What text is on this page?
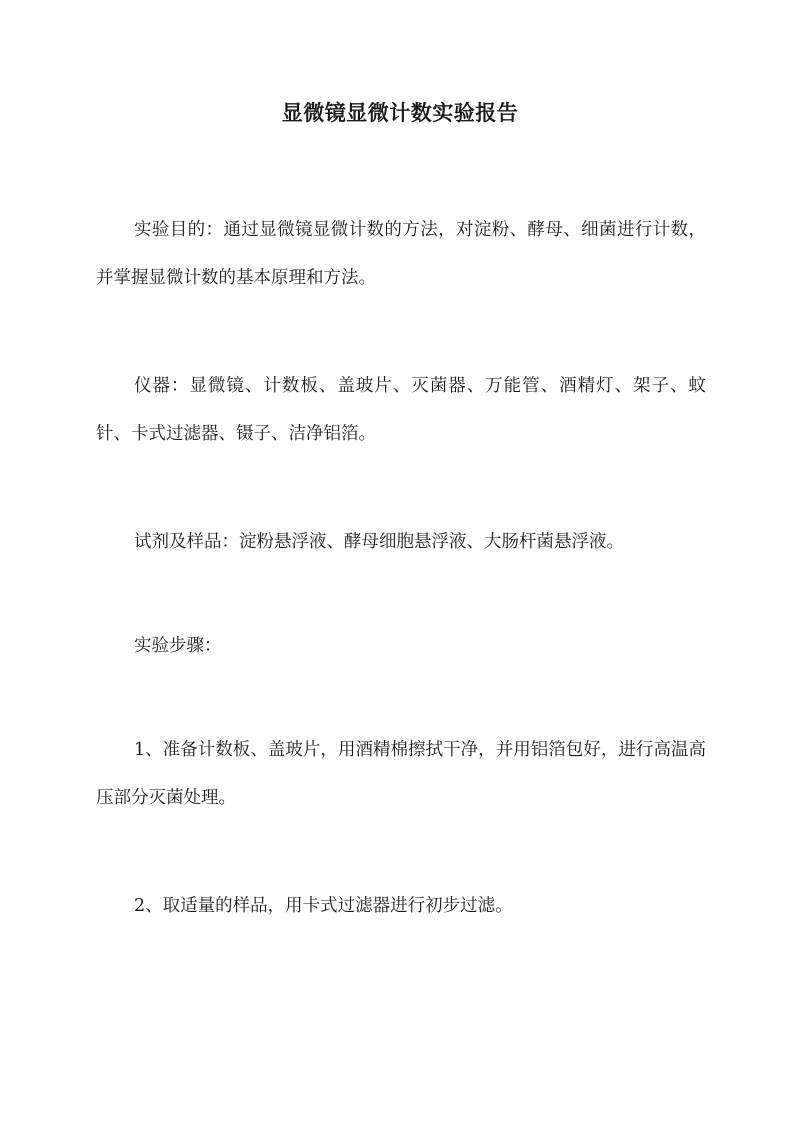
显微镜显微计数实验报告

实验目的：通过显微镜显微计数的方法，对淀粉、酵母、细菌进行计数，并掌握显微计数的基本原理和方法。

仪器：显微镜、计数板、盖玻片、灭菌器、万能管、酒精灯、架子、蚊针、卡式过滤器、镊子、洁净铝箔。

试剂及样品：淀粉悬浮液、酵母细胞悬浮液、大肠杆菌悬浮液。

实验步骤：

1、准备计数板、盖玻片，用酒精棉擦拭干净，并用铝箔包好，进行高温高压部分灭菌处理。

2、取适量的样品，用卡式过滤器进行初步过滤。
